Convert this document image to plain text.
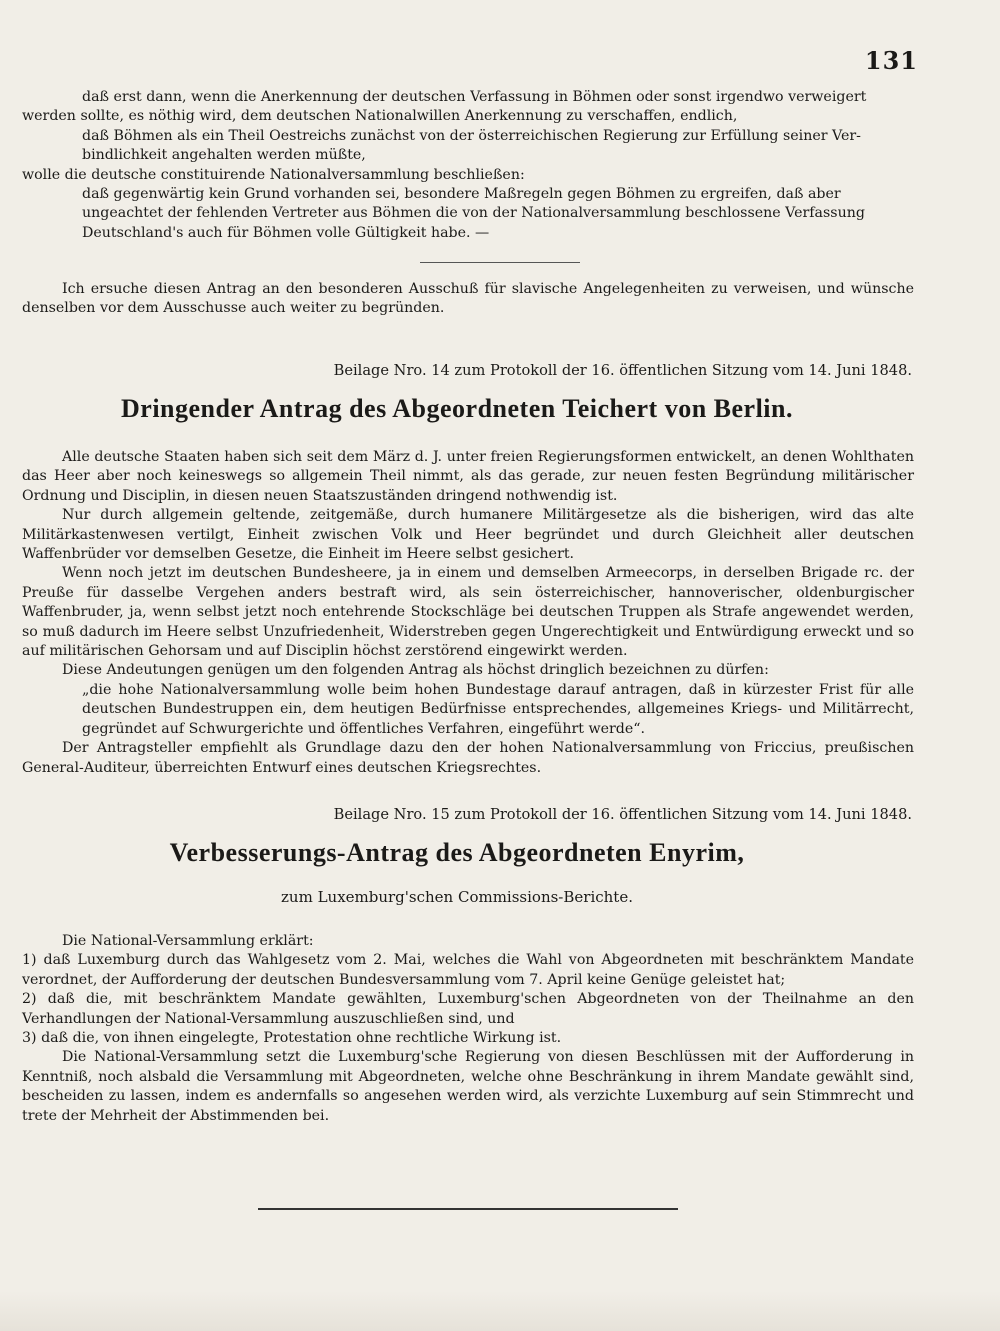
131

daß erst dann, wenn die Anerkennung der deutschen Verfassung in Böhmen oder sonst irgendwo verweigert

werden sollte, es nöthig wird, dem deutschen Nationalwillen Anerkennung zu verschaffen, endlich,

daß Böhmen als ein Theil Oestreichs zunächst von der österreichischen Regierung zur Erfüllung seiner Ver-

bindlichkeit angehalten werden müßte,

wolle die deutsche constituirende Nationalversammlung beschließen:

daß gegenwärtig kein Grund vorhanden sei, besondere Maßregeln gegen Böhmen zu ergreifen, daß aber

ungeachtet der fehlenden Vertreter aus Böhmen die von der Nationalversammlung beschlossene Verfassung

Deutschland's auch für Böhmen volle Gültigkeit habe. —

Ich ersuche diesen Antrag an den besonderen Ausschuß für slavische Angelegenheiten zu verweisen, und wünsche denselben vor dem Ausschusse auch weiter zu begründen.

Beilage Nro. 14 zum Protokoll der 16. öffentlichen Sitzung vom 14. Juni 1848.
Dringender Antrag des Abgeordneten Teichert von Berlin.

Alle deutsche Staaten haben sich seit dem März d. J. unter freien Regierungsformen entwickelt, an denen Wohlthaten das Heer aber noch keineswegs so allgemein Theil nimmt, als das gerade, zur neuen festen Begründung militärischer Ordnung und Disciplin, in diesen neuen Staatszuständen dringend nothwendig ist.

Nur durch allgemein geltende, zeitgemäße, durch humanere Militärgesetze als die bisherigen, wird das alte Militärkastenwesen vertilgt, Einheit zwischen Volk und Heer begründet und durch Gleichheit aller deutschen Waffenbrüder vor demselben Gesetze, die Einheit im Heere selbst gesichert.

Wenn noch jetzt im deutschen Bundesheere, ja in einem und demselben Armeecorps, in derselben Brigade rc. der Preuße für dasselbe Vergehen anders bestraft wird, als sein österreichischer, hannoverischer, oldenburgischer Waffenbruder, ja, wenn selbst jetzt noch entehrende Stockschläge bei deutschen Truppen als Strafe angewendet werden, so muß dadurch im Heere selbst Unzufriedenheit, Widerstreben gegen Ungerechtigkeit und Entwürdigung erweckt und so auf militärischen Gehorsam und auf Disciplin höchst zerstörend eingewirkt werden.

Diese Andeutungen genügen um den folgenden Antrag als höchst dringlich bezeichnen zu dürfen:

„die hohe Nationalversammlung wolle beim hohen Bundestage darauf antragen, daß in kürzester Frist für alle deutschen Bundestruppen ein, dem heutigen Bedürfnisse entsprechendes, allgemeines Kriegs- und Militärrecht, gegründet auf Schwurgerichte und öffentliches Verfahren, eingeführt werde“.

Der Antragsteller empfiehlt als Grundlage dazu den der hohen Nationalversammlung von Friccius, preußischen General-Auditeur, überreichten Entwurf eines deutschen Kriegsrechtes.

Beilage Nro. 15 zum Protokoll der 16. öffentlichen Sitzung vom 14. Juni 1848.
Verbesserungs-Antrag des Abgeordneten Enyrim,
zum Luxemburg'schen Commissions-Berichte.

Die National-Versammlung erklärt:

1) daß Luxemburg durch das Wahlgesetz vom 2. Mai, welches die Wahl von Abgeordneten mit beschränktem Mandate verordnet, der Aufforderung der deutschen Bundesversammlung vom 7. April keine Genüge geleistet hat;

2) daß die, mit beschränktem Mandate gewählten, Luxemburg'schen Abgeordneten von der Theilnahme an den Verhandlungen der National-Versammlung auszuschließen sind, und

3) daß die, von ihnen eingelegte, Protestation ohne rechtliche Wirkung ist.

Die National-Versammlung setzt die Luxemburg'sche Regierung von diesen Beschlüssen mit der Aufforderung in Kenntniß, noch alsbald die Versammlung mit Abgeordneten, welche ohne Beschränkung in ihrem Mandate gewählt sind, bescheiden zu lassen, indem es andernfalls so angesehen werden wird, als verzichte Luxemburg auf sein Stimmrecht und trete der Mehrheit der Abstimmenden bei.
